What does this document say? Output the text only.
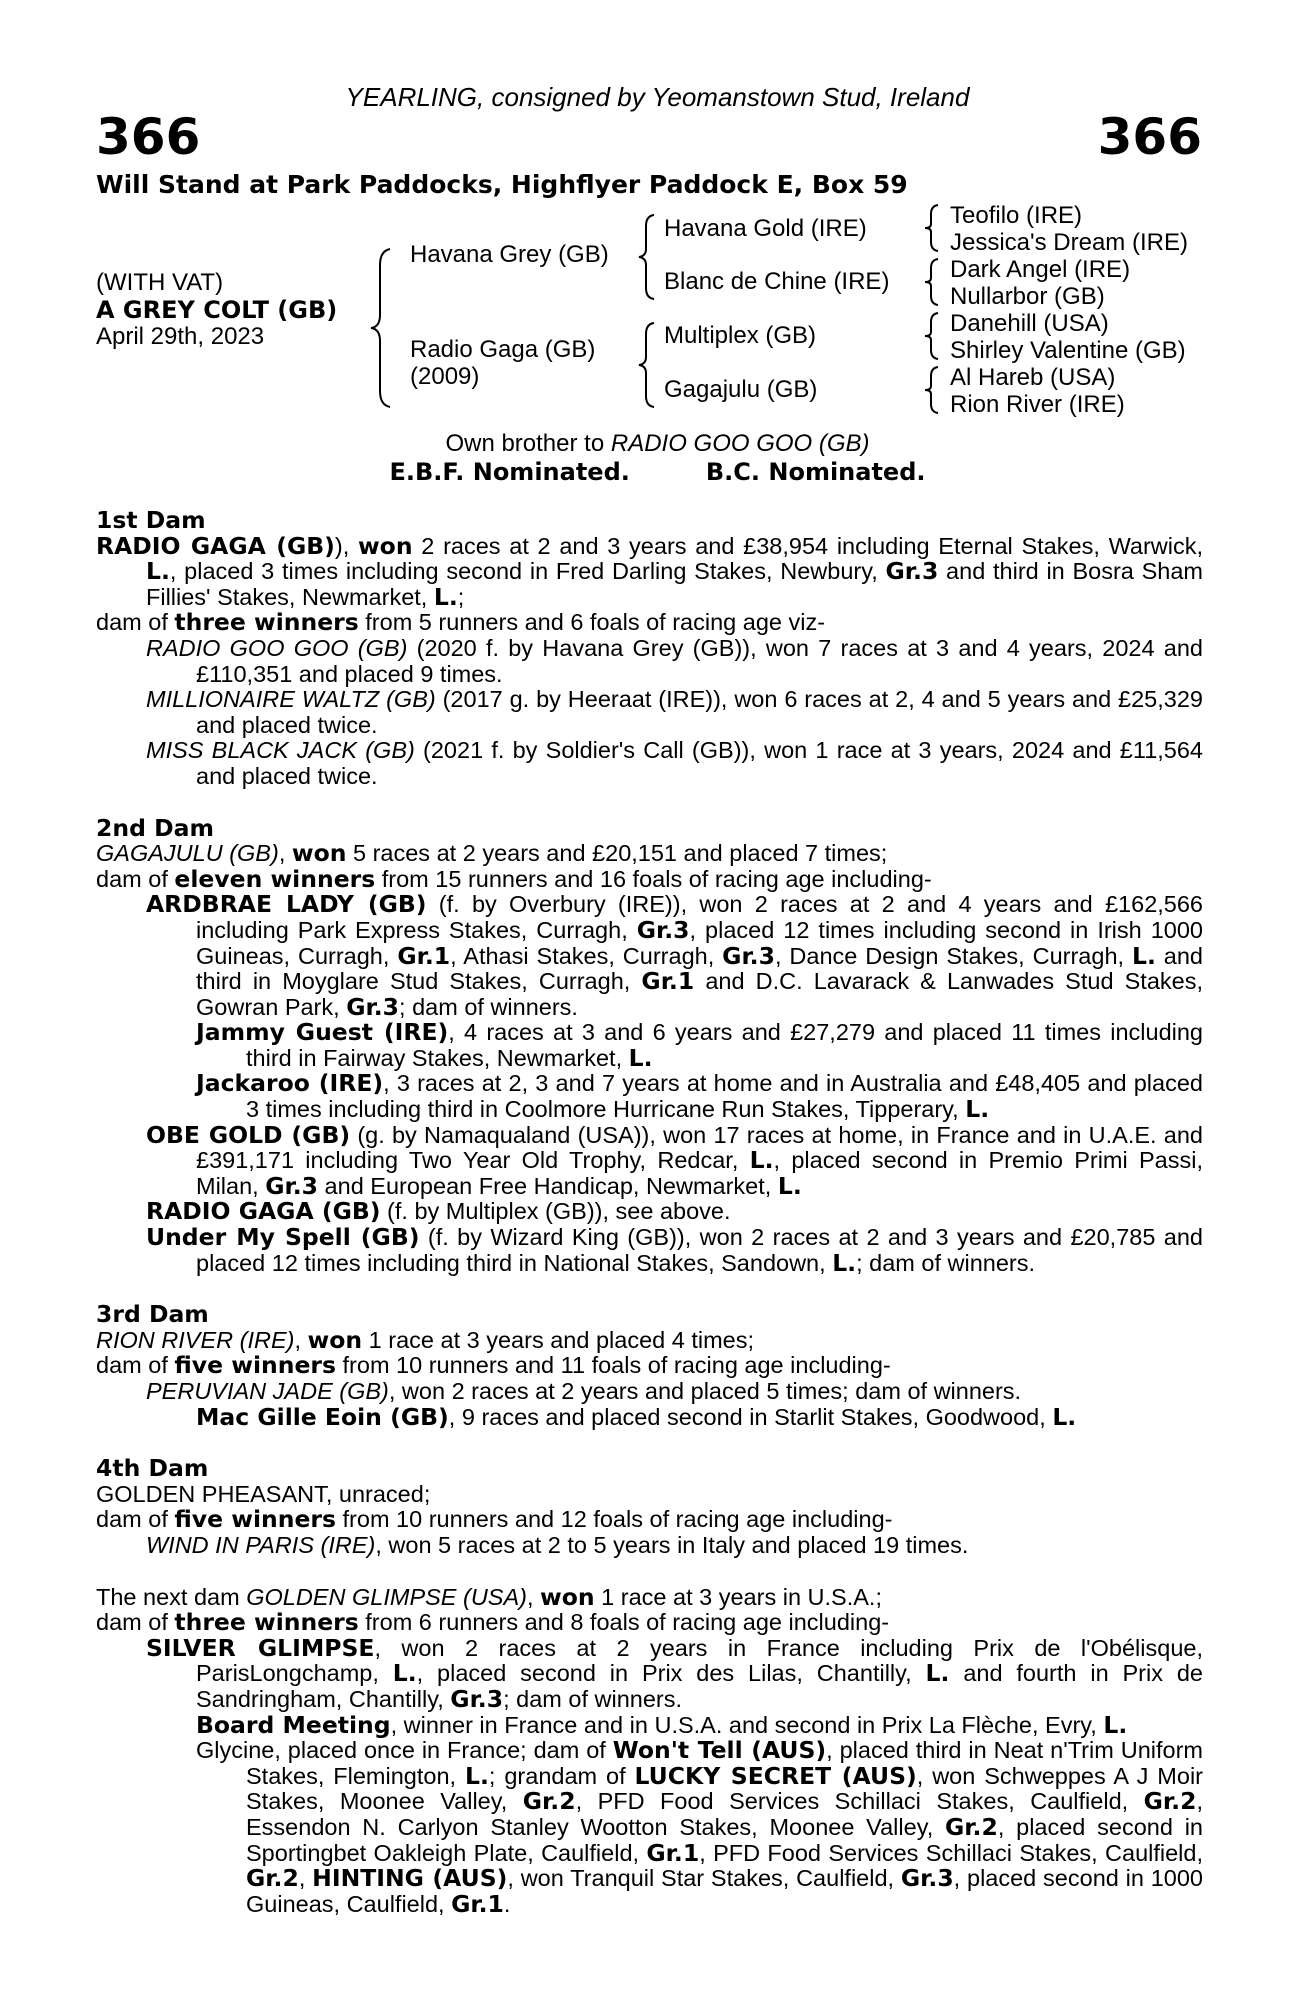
YEARLING, consigned by Yeomanstown Stud, Ireland
366	366
Will Stand at Park Paddocks, Highflyer Paddock E, Box 59
(WITH VAT)
A GREY COLT (GB)
April 29th, 2023
Havana Grey (GB)
Radio Gaga (GB)
(2009)
Havana Gold (IRE)
Blanc de Chine (IRE)
Multiplex (GB)
Gagajulu (GB)
Teofilo (IRE)
Jessica's Dream (IRE)
Dark Angel (IRE)
Nullarbor (GB)
Danehill (USA)
Shirley Valentine (GB)
Al Hareb (USA)
Rion River (IRE)
Own brother to RADIO GOO GOO (GB)
E.B.F. Nominated.	B.C. Nominated.
1st Dam

RADIO GAGA (GB)), won 2 races at 2 and 3 years and £38,954 including Eternal Stakes, Warwick, L., placed 3 times including second in Fred Darling Stakes, Newbury, Gr.3 and third in Bosra Sham Fillies' Stakes, Newmarket, L.;

dam of three winners from 5 runners and 6 foals of racing age viz-

RADIO GOO GOO (GB) (2020 f. by Havana Grey (GB)), won 7 races at 3 and 4 years, 2024 and £110,351 and placed 9 times.

MILLIONAIRE WALTZ (GB) (2017 g. by Heeraat (IRE)), won 6 races at 2, 4 and 5 years and £25,329 and placed twice.

MISS BLACK JACK (GB) (2021 f. by Soldier's Call (GB)), won 1 race at 3 years, 2024 and £11,564 and placed twice.

2nd Dam

GAGAJULU (GB), won 5 races at 2 years and £20,151 and placed 7 times;

dam of eleven winners from 15 runners and 16 foals of racing age including-

ARDBRAE LADY (GB) (f. by Overbury (IRE)), won 2 races at 2 and 4 years and £162,566 including Park Express Stakes, Curragh, Gr.3, placed 12 times including second in Irish 1000 Guineas, Curragh, Gr.1, Athasi Stakes, Curragh, Gr.3, Dance Design Stakes, Curragh, L. and third in Moyglare Stud Stakes, Curragh, Gr.1 and D.C. Lavarack & Lanwades Stud Stakes, Gowran Park, Gr.3; dam of winners.

Jammy Guest (IRE), 4 races at 3 and 6 years and £27,279 and placed 11 times including third in Fairway Stakes, Newmarket, L.

Jackaroo (IRE), 3 races at 2, 3 and 7 years at home and in Australia and £48,405 and placed 3 times including third in Coolmore Hurricane Run Stakes, Tipperary, L.

OBE GOLD (GB) (g. by Namaqualand (USA)), won 17 races at home, in France and in U.A.E. and £391,171 including Two Year Old Trophy, Redcar, L., placed second in Premio Primi Passi, Milan, Gr.3 and European Free Handicap, Newmarket, L.

RADIO GAGA (GB) (f. by Multiplex (GB)), see above.

Under My Spell (GB) (f. by Wizard King (GB)), won 2 races at 2 and 3 years and £20,785 and placed 12 times including third in National Stakes, Sandown, L.; dam of winners.

3rd Dam

RION RIVER (IRE), won 1 race at 3 years and placed 4 times;

dam of five winners from 10 runners and 11 foals of racing age including-

PERUVIAN JADE (GB), won 2 races at 2 years and placed 5 times; dam of winners.

Mac Gille Eoin (GB), 9 races and placed second in Starlit Stakes, Goodwood, L.

4th Dam

GOLDEN PHEASANT, unraced;

dam of five winners from 10 runners and 12 foals of racing age including-

WIND IN PARIS (IRE), won 5 races at 2 to 5 years in Italy and placed 19 times.

The next dam GOLDEN GLIMPSE (USA), won 1 race at 3 years in U.S.A.;

dam of three winners from 6 runners and 8 foals of racing age including-

SILVER GLIMPSE, won 2 races at 2 years in France including Prix de l'Obélisque, ParisLongchamp, L., placed second in Prix des Lilas, Chantilly, L. and fourth in Prix de Sandringham, Chantilly, Gr.3; dam of winners.

Board Meeting, winner in France and in U.S.A. and second in Prix La Flèche, Evry, L.

Glycine, placed once in France; dam of Won't Tell (AUS), placed third in Neat n'Trim Uniform Stakes, Flemington, L.; grandam of LUCKY SECRET (AUS), won Schweppes A J Moir Stakes, Moonee Valley, Gr.2, PFD Food Services Schillaci Stakes, Caulfield, Gr.2, Essendon N. Carlyon Stanley Wootton Stakes, Moonee Valley, Gr.2, placed second in Sportingbet Oakleigh Plate, Caulfield, Gr.1, PFD Food Services Schillaci Stakes, Caulfield, Gr.2, HINTING (AUS), won Tranquil Star Stakes, Caulfield, Gr.3, placed second in 1000 Guineas, Caulfield, Gr.1.
